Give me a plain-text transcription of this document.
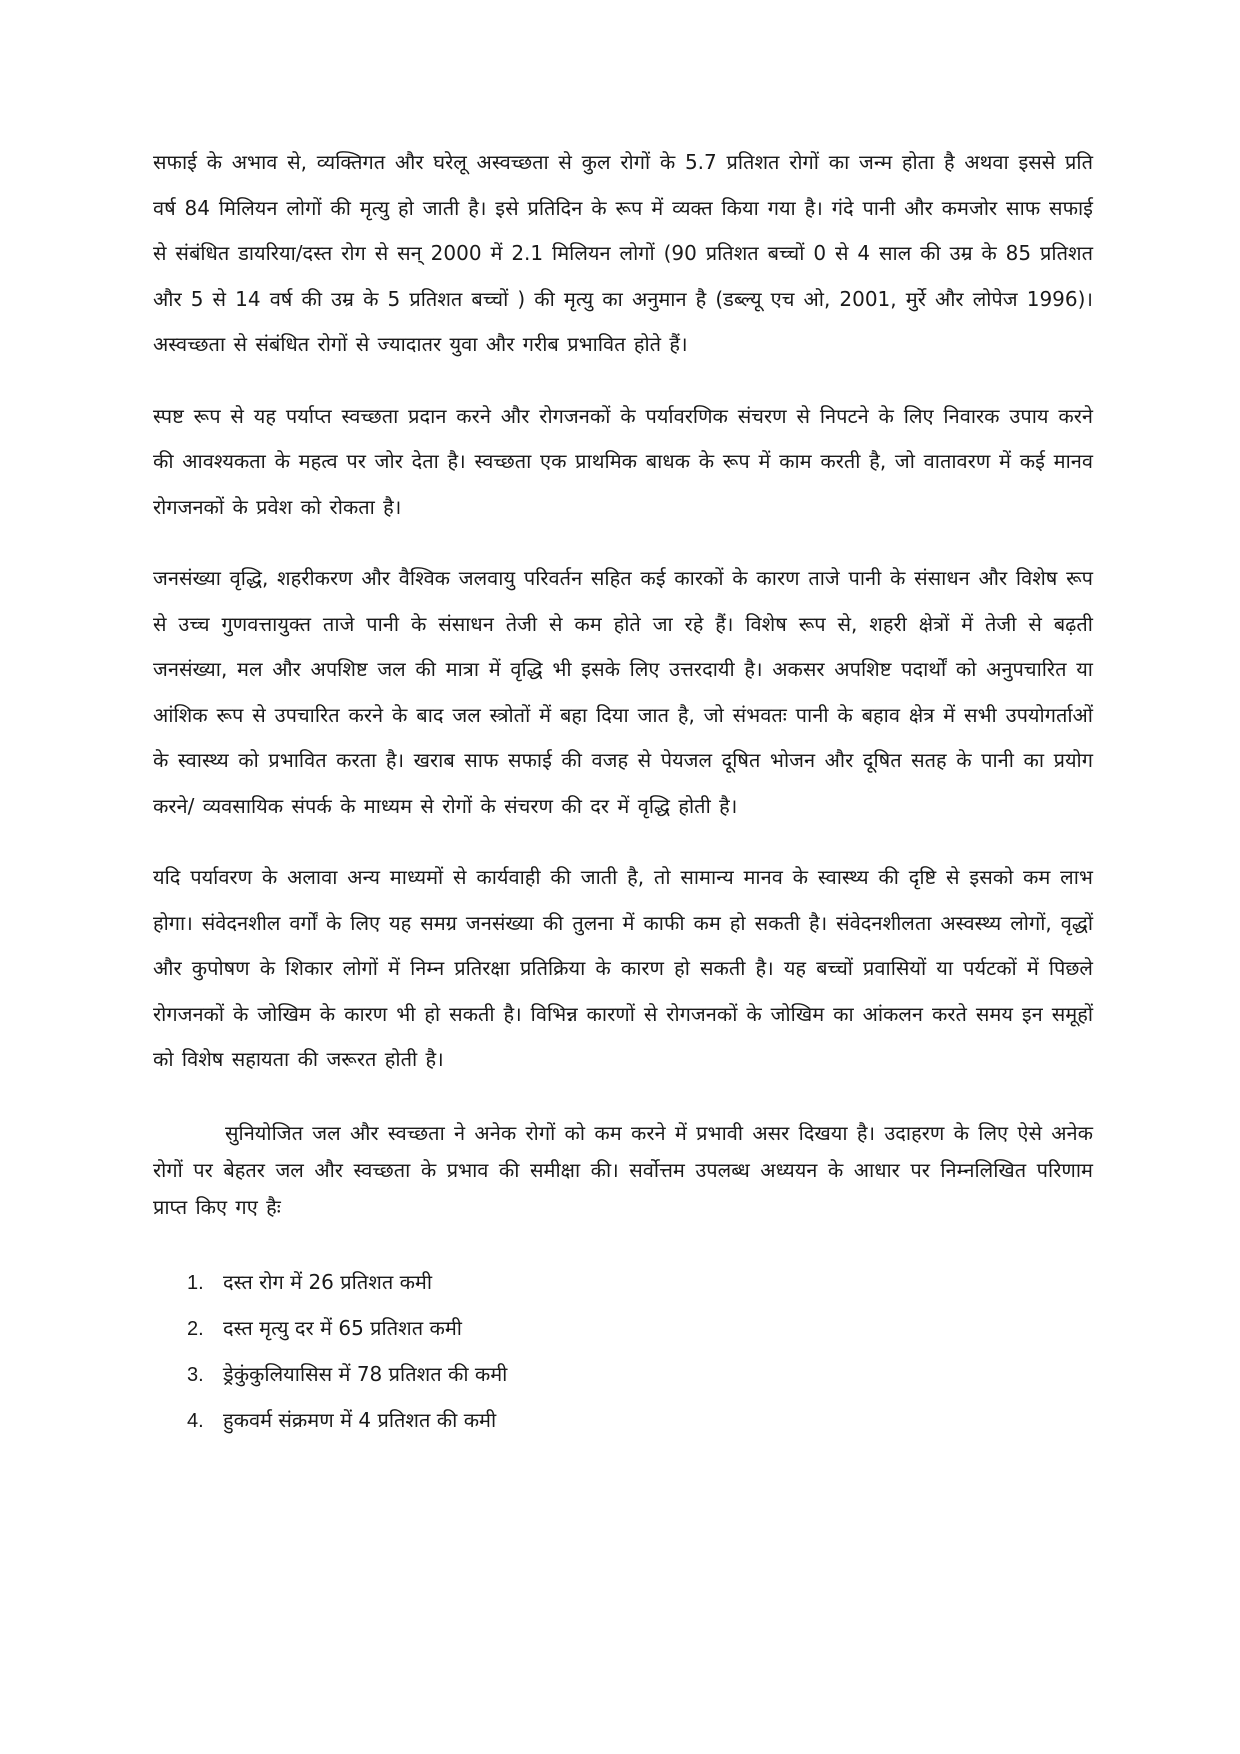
सफाई के अभाव से, व्यक्तिगत और घरेलू अस्वच्छता से कुल रोगों के 5.7 प्रतिशत रोगों का जन्म होता है अथवा इससे प्रति वर्ष 84 मिलियन लोगों की मृत्यु हो जाती है। इसे प्रतिदिन के रूप में व्यक्त किया गया है। गंदे पानी और कमजोर साफ सफाई से संबंधित डायरिया/दस्त रोग से सन् 2000 में 2.1 मिलियन लोगों (90 प्रतिशत बच्चों 0 से 4 साल की उम्र के 85 प्रतिशत और 5 से 14 वर्ष की उम्र के 5 प्रतिशत बच्चों ) की मृत्यु का अनुमान है (डब्ल्यू एच ओ, 2001, मुर्रे और लोपेज 1996)। अस्वच्छता से संबंधित रोगों से ज्यादातर युवा और गरीब प्रभावित होते हैं।

स्पष्ट रूप से यह पर्याप्त स्वच्छता प्रदान करने और रोगजनकों के पर्यावरणिक संचरण से निपटने के लिए निवारक उपाय करने की आवश्यकता के महत्व पर जोर देता है। स्वच्छता एक प्राथमिक बाधक के रूप में काम करती है, जो वातावरण में कई मानव रोगजनकों के प्रवेश को रोकता है।

जनसंख्या वृद्धि, शहरीकरण और वैश्विक जलवायु परिवर्तन सहित कई कारकों के कारण ताजे पानी के संसाधन और विशेष रूप से उच्च गुणवत्तायुक्त ताजे पानी के संसाधन तेजी से कम होते जा रहे हैं। विशेष रूप से, शहरी क्षेत्रों में तेजी से बढ़ती जनसंख्या, मल और अपशिष्ट जल की मात्रा में वृद्धि भी इसके लिए उत्तरदायी है। अकसर अपशिष्ट पदार्थों को अनुपचारित या आंशिक रूप से उपचारित करने के बाद जल स्त्रोतों में बहा दिया जात है, जो संभवतः पानी के बहाव क्षेत्र में सभी उपयोगर्ताओं के स्वास्थ्य को प्रभावित करता है। खराब साफ सफाई की वजह से पेयजल दूषित भोजन और दूषित सतह के पानी का प्रयोग करने/ व्यवसायिक संपर्क के माध्यम से रोगों के संचरण की दर में वृद्धि होती है।

यदि पर्यावरण के अलावा अन्य माध्यमों से कार्यवाही की जाती है, तो सामान्य मानव के स्वास्थ्य की दृष्टि से इसको कम लाभ होगा। संवेदनशील वर्गों के लिए यह समग्र जनसंख्या की तुलना में काफी कम हो सकती है। संवेदनशीलता अस्वस्थ्य लोगों, वृद्धों और कुपोषण के शिकार लोगों में निम्न प्रतिरक्षा प्रतिक्रिया के कारण हो सकती है। यह बच्चों प्रवासियों या पर्यटकों में पिछले रोगजनकों के जोखिम के कारण भी हो सकती है। विभिन्न कारणों से रोगजनकों के जोखिम का आंकलन करते समय इन समूहों को विशेष सहायता की जरूरत होती है।

सुनियोजित जल और स्वच्छता ने अनेक रोगों को कम करने में प्रभावी असर दिखया है। उदाहरण के लिए ऐसे अनेक रोगों पर बेहतर जल और स्वच्छता के प्रभाव की समीक्षा की। सर्वोत्तम उपलब्ध अध्ययन के आधार पर निम्नलिखित परिणाम प्राप्त किए गए हैः

1. दस्त रोग में 26 प्रतिशत कमी
2. दस्त मृत्यु दर में 65 प्रतिशत कमी
3. ड्रेकुंकुलियासिस में 78 प्रतिशत की कमी
4. हुकवर्म संक्रमण में 4 प्रतिशत की कमी
